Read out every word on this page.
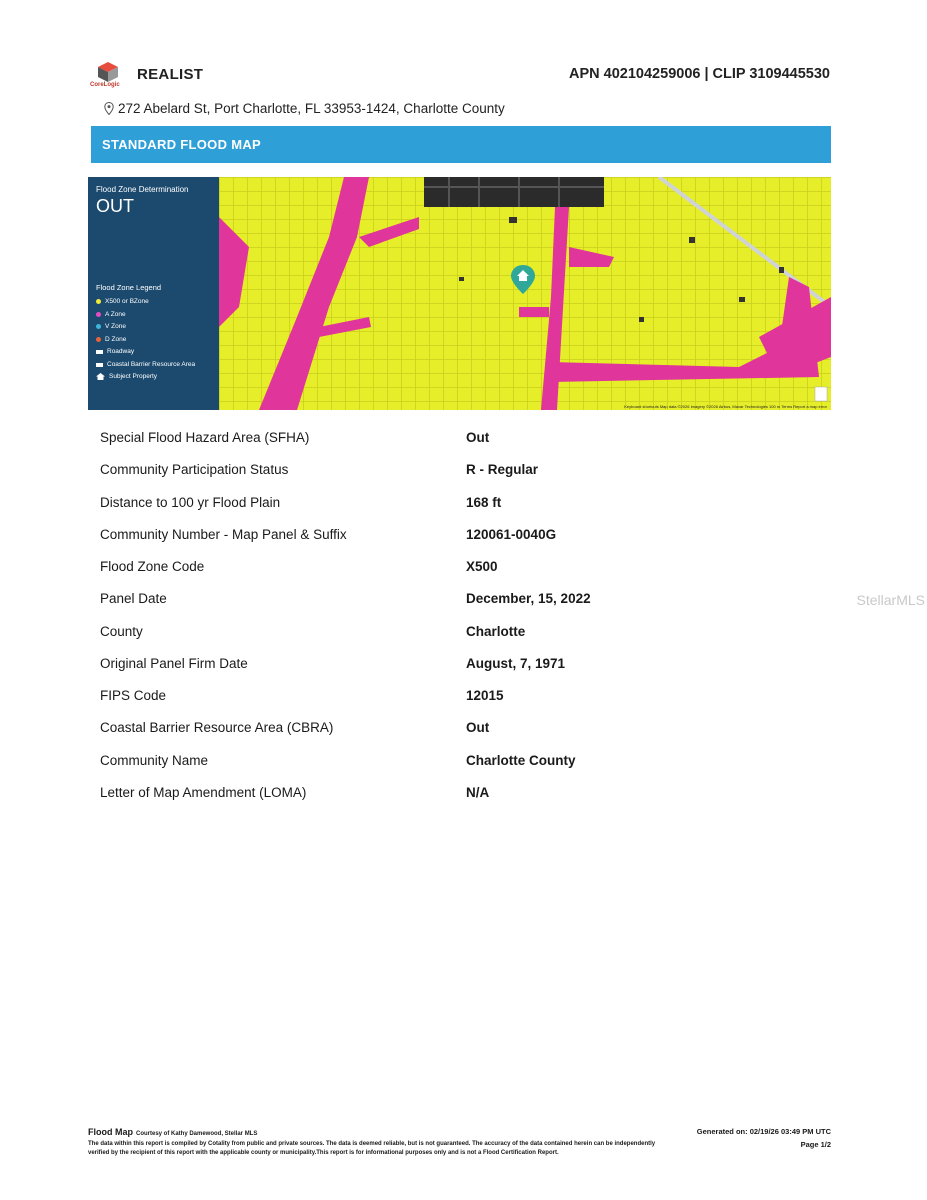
CoreLogic
REALIST	APN 402104259006 | CLIP 3109445530
272 Abelard St, Port Charlotte, FL 33953-1424, Charlotte County
STANDARD FLOOD MAP
Flood Zone Determination
OUT
Flood Zone Legend
X500 or BZone
A Zone
V Zone
D Zone
Roadway
Coastal Barrier Resource Area
Subject Property
Keyboard shortcuts Map data ©2026 Imagery ©2026 Airbus, Maxar Technologies 100 m Terms Report a map error
Special Flood Hazard Area (SFHA)	Out
Community Participation Status	R - Regular
Distance to 100 yr Flood Plain	168 ft
Community Number - Map Panel & Suffix	120061-0040G
Flood Zone Code	X500
Panel Date	December, 15, 2022
County	Charlotte
Original Panel Firm Date	August, 7, 1971
FIPS Code	12015
Coastal Barrier Resource Area (CBRA)	Out
Community Name	Charlotte County
Letter of Map Amendment (LOMA)	N/A
StellarMLS
Flood Map Courtesy of Kathy Damewood, Stellar MLS
The data within this report is compiled by Cotality from public and private sources. The data is deemed reliable, but is not guaranteed. The accuracy of the data contained herein can be independently verified by the recipient of this report with the applicable county or municipality.This report is for informational purposes only and is not a Flood Certification Report.
Generated on: 02/19/26 03:49 PM UTC
Page 1/2
